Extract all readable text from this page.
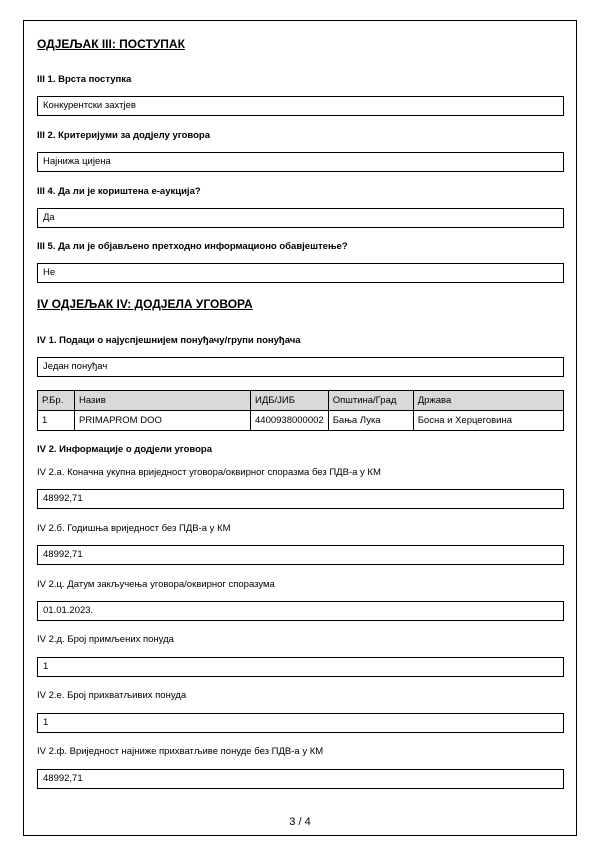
ОДЈЕЉАК III: ПОСТУПАК
III 1. Врста поступка
Конкурентски захтјев
III 2. Критеријуми за додјелу уговора
Најнижа цијена
III 4. Да ли је кориштена е-аукција?
Да
III 5. Да ли је објављено претходно информационо обавјештење?
Не
IV ОДЈЕЉАК IV: ДОДЈЕЛА УГОВОРА
IV 1. Подаци о најуспјешнијем понуђачу/групи понуђача
Један понуђач
Р.Бр.	Назив	ИДБ/ЈИБ	Општина/Град	Држава
1	PRIMAPROM DOO	4400938000002	Бања Лука	Босна и Херцеговина
IV 2. Информације о додјели уговора
IV 2.а. Коначна укупна вриједност уговора/оквирног споразма без ПДВ-а у КМ
48992,71
IV 2.б. Годишња вриједност без ПДВ-а у КМ
48992,71
IV 2.ц. Датум закључења уговора/оквирног споразума
01.01.2023.
IV 2.д. Број примљених понуда
1
IV 2.е. Број прихватљивих понуда
1
IV 2.ф. Вриједност најниже прихватљиве понуде без ПДВ-а у КМ
48992,71
3 / 4
